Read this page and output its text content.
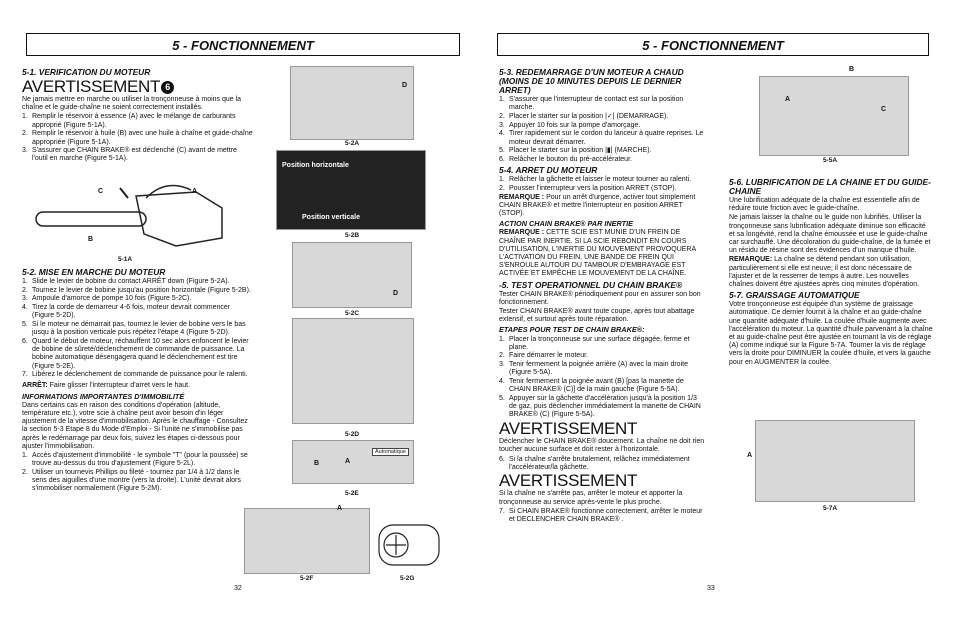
5 - FONCTIONNEMENT
5-1. VERIFICATION DU MOTEUR
AVERTISSEMENT 6

Ne jamais mettre en marche ou utiliser la tronçonneuse à moins que la chaîne et le guide-chaîne ne soient correctement installés.

1. Remplir le réservoir à essence (A) avec le mélange de carburants approprié (Figure 5-1A).
2. Remplir le réservoir à huile (B) avec une huile à chaîne et guide-chaîne appropriée (Figure 5-1A).
3. S'assurer que CHAIN BRAKE® est déclenché (C) avant de mettre l'outil en marche (Figure 5-1A).
C	A
B
5-1A
5-2. MISE EN MARCHE DU MOTEUR
1. Slide le levier de bobine du contact ARRÊT down (Figure 5-2A).
2. Tournez le levier de bobine jusqu'au position horizontale (Figure 5-2B).
3. Ampoule d'amorce de pompe 10 fois (Figure 5-2C).
4. Tirez la corde de demarreur 4-6 fois, moteur devrait commencer (Figure 5-2D).
5. Si le moteur ne démarrait pas, tournez le levier de bobine vers le bas jusqu à la position verticale puis répétez l'étape 4 (Figure 5-2D).
6. Quard le début de moteur, réchauffent 10 sec alors enfoncent le levier de bobine de sûreté/déclenchement de commande de puissance. La bobine automatique désengagera quand le déclenchement est tire (Figure 5-2E).
7. Libérez le déclenchement de commande de puissance pour le ralenti.

ARRÊT: Faire glisser l'interrupteur d'arret vers le haut.

INFORMATIONS IMPORTANTES D'IMMOBILITÉ

Dans certains cas en raison des conditions d'opération (altitude, température etc.), votre scie à chaîne peut avoir besoin d'in léger ajustement de la vitesse d'immobilisation. Après le chauffage - Consultez la section 5-3 Etape 8 du Mode d'Emploi - Si l'unité ne s'immobilise pas après le redémarrage par deux fois, suivez les étapes ci-dessous pour ajuster l'immobilisation.

1. Accès d'ajustement d'immobilité - le symbole "T" (pour la poussée) se trouve au-dessus du trou d'ajustement (Figure 5-2L).
2. Utiliser un tournevis Phillips ou fileté - tournez par 1/4 à 1/2 dans le sens des aiguilles d'une montre (vers la droite). L'unité devrait alors s'immobiliser normalement (Figure 5-2M).
D
5-2A
Position horizontale
Position verticale
5-2B
D
5-2C
5-2D
A
B
Automatique
5-2E
A
5-2F	5-2G
32
5 - FONCTIONNEMENT
5-3. REDEMARRAGE D'UN MOTEUR A CHAUD (MOINS DE 10 MINUTES DEPUIS LE DERNIER ARRET)
1. S'assurer que l'interrupteur de contact est sur la position marche.
2. Placer le starter sur la position |✓| (DEMARRAGE).
3. Appuyer 10 fois sur la pompe d'amorçage.
4. Tirer rapidement sur le cordon du lanceur à quatre reprises. Le moteur devrait démarrer.
5. Placer le starter sur la position |▮| (MARCHE).
6. Relâcher le bouton du pré-accélérateur.
5-4. ARRET DU MOTEUR
1. Relâcher la gâchette et laisser le moteur tourner au ralenti.
2. Pousser l'interrupteur vers la position ARRET (STOP).

REMARQUE : Pour un arrêt d'urgence, activer tout simplement CHAIN BRAKE® et mettre l'interrupteur en position ARRET (STOP).

ACTION CHAIN BRAKE® PAR INERTIE

REMARQUE : CETTE SCIE EST MUNIE D'UN FREIN DE CHAÎNE PAR INERTIE. SI LA SCIE REBONDIT EN COURS D'UTILISATION, L'INERTIE DU MOUVEMENT PROVOQUERA L'ACTIVATION DU FREIN. UNE BANDE DE FREIN QUI S'ENROULE AUTOUR DU TAMBOUR D'EMBRAYAGE EST ACTIVÉE ET EMPÊCHE LE MOUVEMENT DE LA CHAÎNE.

-5. TEST OPERATIONNEL DU CHAIN BRAKE®

Tester CHAIN BRAKE® périodiquement pour en assurer son bon fonctionnement.

Tester CHAIN BRAKE® avant toute coupe, après tout abattage extensif, et surtout après toute réparation.

ETAPES POUR TEST DE CHAIN BRAKE®:
1. Placer la tronçonneuse sur une surface dégagée, ferme et plane.
2. Faire démarrer le moteur.
3. Tenir fermement la poignée arrière (A) avec la main droite (Figure 5-5A).
4. Tenir fermement la poignée avant (B) [pas la manette de CHAIN BRAKE® (C)] de la main gauche (Figure 5-5A).
5. Appuyer sur la gâchette d'accélération jusqu'à la position 1/3 de gaz, puis déclencher immédiatement la manette de CHAIN BRAKE® (C) (Figure 5-5A).
AVERTISSEMENT

Déclencher le CHAIN BRAKE® doucement. La chaîne ne doit rien toucher aucune surface et doit rester à l'horizontale.

6. Si la chaîne s'arrête brutalement, relâchez immédiatement l'accélérateur/la gâchette.
AVERTISSEMENT

Si la chaîne ne s'arrête pas, arrêter le moteur et apporter la tronçonneuse au service après-vente le plus proche.

7. Si CHAIN BRAKE® fonctionne correctement, arrêter le moteur et DECLENCHER CHAIN BRAKE® .
B
A
C
5-5A
5-6. LUBRIFICATION DE LA CHAINE ET DU GUIDE-CHAINE

Une lubrification adéquate de la chaîne est essentielle afin de réduire toute friction avec le guide-chaîne.

Ne jamais laisser la chaîne ou le guide non lubrifiés. Utiliser la tronçonneuse sans lubrification adéquate diminue son efficacité et sa longévité, rend la chaîne émoussée et use le guide-chaîne car surchauffé. Une décoloration du guide-chaîne, de la fumée et un résidu de résine sont des évidences d'un manque d'huile.

REMARQUE: La chaîne se détend pendant son utilisation, particulièrement si elle est neuve; il est donc nécessaire de l'ajuster et de la resserrer de temps à autre. Les nouvelles chaînes doivent être ajustées après cinq minutes d'opération.

5-7. GRAISSAGE AUTOMATIQUE

Votre tronçonneuse est équipée d'un système de graissage automatique. Ce dernier fournit à la chaîne et au guide-chaîne une quantité adéquate d'huile. La coulée d'huile augmente avec l'accélération du moteur. La quantité d'huile parvenant à la chaîne et au guide-chaîne peut être ajustée en tournant la vis de réglage (A) comme indiqué sur la Figure 5-7A. Tourner la vis de réglage vers la droite pour DIMINUER la coulée d'huile, et vers la gauche pour en AUGMENTER la coulée.

A
5-7A
33
